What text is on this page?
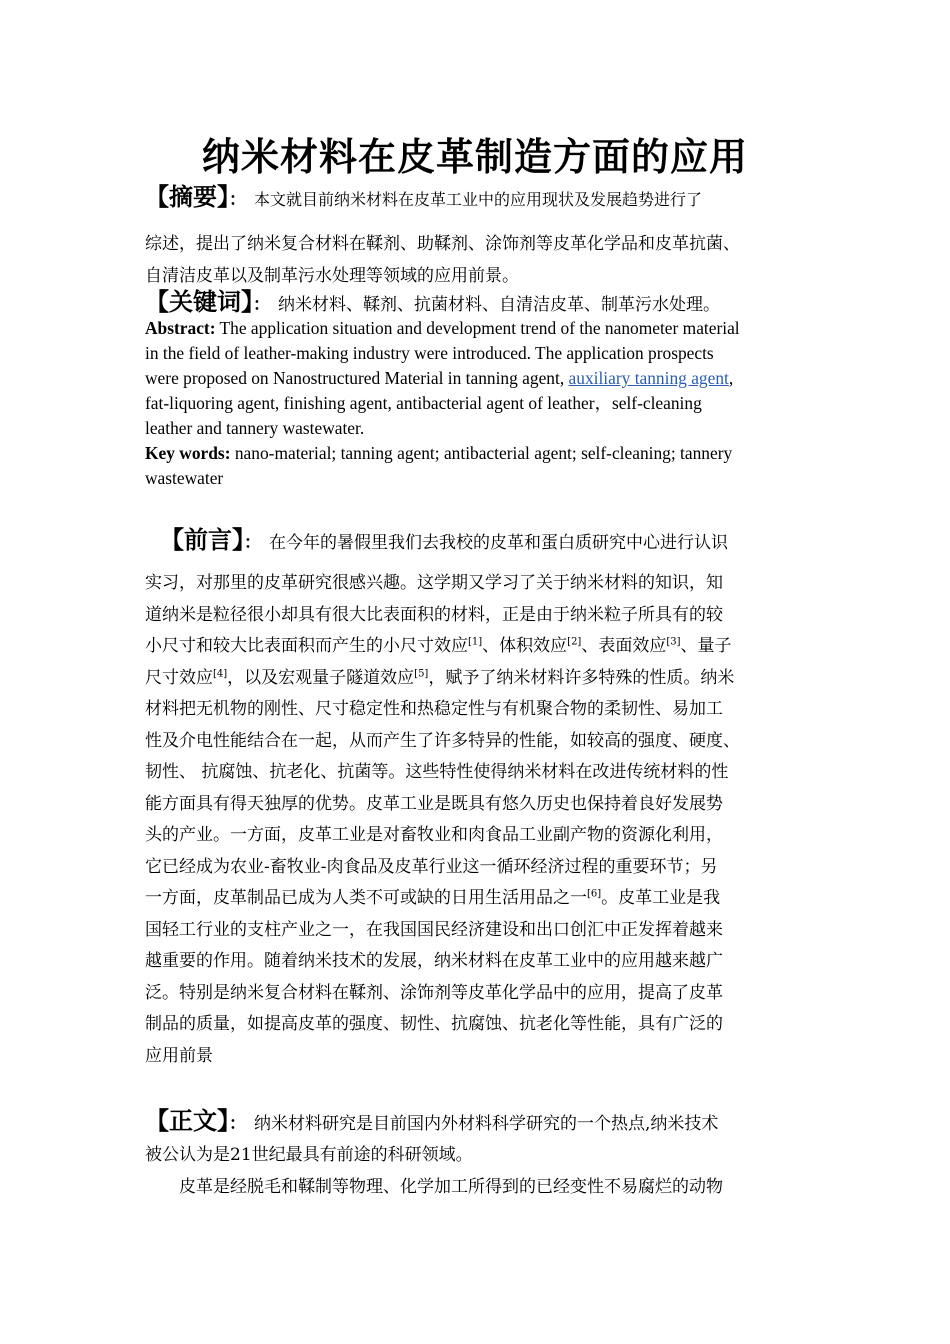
纳米材料在皮革制造方面的应用
【摘要】： 本文就目前纳米材料在皮革工业中的应用现状及发展趋势进行了
综述，提出了纳米复合材料在鞣剂、助鞣剂、涂饰剂等皮革化学品和皮革抗菌、
自清洁皮革以及制革污水处理等领域的应用前景。
【关键词】： 纳米材料、鞣剂、抗菌材料、自清洁皮革、制革污水处理。
Abstract: The application situation and development trend of the nanometer material
in the field of leather-making industry were introduced. The application prospects
were proposed on Nanostructured Material in tanning agent, auxiliary tanning agent,
fat-liquoring agent, finishing agent, antibacterial agent of leather，self-cleaning
leather and tannery wastewater.
Key words: nano-material; tanning agent; antibacterial agent; self-cleaning; tannery
wastewater
【前言】： 在今年的暑假里我们去我校的皮革和蛋白质研究中心进行认识
实习，对那里的皮革研究很感兴趣。这学期又学习了关于纳米材料的知识，知
道纳米是粒径很小却具有很大比表面积的材料，正是由于纳米粒子所具有的较
小尺寸和较大比表面积而产生的小尺寸效应[1]、体积效应[2]、表面效应[3]、量子
尺寸效应[4]，以及宏观量子隧道效应[5]，赋予了纳米材料许多特殊的性质。纳米
材料把无机物的刚性、尺寸稳定性和热稳定性与有机聚合物的柔韧性、易加工
性及介电性能结合在一起，从而产生了许多特异的性能，如较高的强度、硬度、
韧性、 抗腐蚀、抗老化、抗菌等。这些特性使得纳米材料在改进传统材料的性
能方面具有得天独厚的优势。皮革工业是既具有悠久历史也保持着良好发展势
头的产业。一方面，皮革工业是对畜牧业和肉食品工业副产物的资源化利用，
它已经成为农业-畜牧业-肉食品及皮革行业这一循环经济过程的重要环节；另
一方面，皮革制品已成为人类不可或缺的日用生活用品之一[6]。皮革工业是我
国轻工行业的支柱产业之一，在我国国民经济建设和出口创汇中正发挥着越来
越重要的作用。随着纳米技术的发展，纳米材料在皮革工业中的应用越来越广
泛。特别是纳米复合材料在鞣剂、涂饰剂等皮革化学品中的应用，提高了皮革
制品的质量，如提高皮革的强度、韧性、抗腐蚀、抗老化等性能，具有广泛的
应用前景
【正文】： 纳米材料研究是目前国内外材料科学研究的一个热点,纳米技术
被公认为是21世纪最具有前途的科研领域。
皮革是经脱毛和鞣制等物理、化学加工所得到的已经变性不易腐烂的动物
